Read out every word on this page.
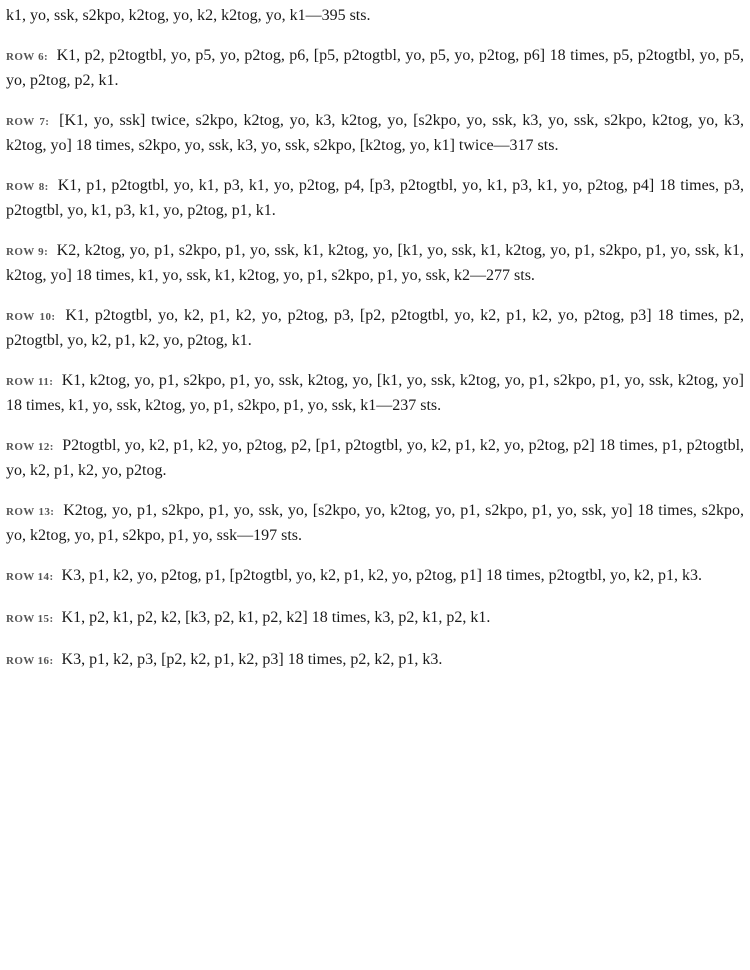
k1, yo, ssk, s2kpo, k2tog, yo, k2, k2tog, yo, k1—395 sts.

ROW 6: K1, p2, p2togtbl, yo, p5, yo, p2tog, p6, [p5, p2togtbl, yo, p5, yo, p2tog, p6] 18 times, p5, p2togtbl, yo, p5, yo, p2tog, p2, k1.

ROW 7: [K1, yo, ssk] twice, s2kpo, k2tog, yo, k3, k2tog, yo, [s2kpo, yo, ssk, k3, yo, ssk, s2kpo, k2tog, yo, k3, k2tog, yo] 18 times, s2kpo, yo, ssk, k3, yo, ssk, s2kpo, [k2tog, yo, k1] twice—317 sts.

ROW 8: K1, p1, p2togtbl, yo, k1, p3, k1, yo, p2tog, p4, [p3, p2togtbl, yo, k1, p3, k1, yo, p2tog, p4] 18 times, p3, p2togtbl, yo, k1, p3, k1, yo, p2tog, p1, k1.

ROW 9: K2, k2tog, yo, p1, s2kpo, p1, yo, ssk, k1, k2tog, yo, [k1, yo, ssk, k1, k2tog, yo, p1, s2kpo, p1, yo, ssk, k1, k2tog, yo] 18 times, k1, yo, ssk, k1, k2tog, yo, p1, s2kpo, p1, yo, ssk, k2—277 sts.

ROW 10: K1, p2togtbl, yo, k2, p1, k2, yo, p2tog, p3, [p2, p2togtbl, yo, k2, p1, k2, yo, p2tog, p3] 18 times, p2, p2togtbl, yo, k2, p1, k2, yo, p2tog, k1.

ROW 11: K1, k2tog, yo, p1, s2kpo, p1, yo, ssk, k2tog, yo, [k1, yo, ssk, k2tog, yo, p1, s2kpo, p1, yo, ssk, k2tog, yo] 18 times, k1, yo, ssk, k2tog, yo, p1, s2kpo, p1, yo, ssk, k1—237 sts.

ROW 12: P2togtbl, yo, k2, p1, k2, yo, p2tog, p2, [p1, p2togtbl, yo, k2, p1, k2, yo, p2tog, p2] 18 times, p1, p2togtbl, yo, k2, p1, k2, yo, p2tog.

ROW 13: K2tog, yo, p1, s2kpo, p1, yo, ssk, yo, [s2kpo, yo, k2tog, yo, p1, s2kpo, p1, yo, ssk, yo] 18 times, s2kpo, yo, k2tog, yo, p1, s2kpo, p1, yo, ssk—197 sts.

ROW 14: K3, p1, k2, yo, p2tog, p1, [p2togtbl, yo, k2, p1, k2, yo, p2tog, p1] 18 times, p2togtbl, yo, k2, p1, k3.

ROW 15: K1, p2, k1, p2, k2, [k3, p2, k1, p2, k2] 18 times, k3, p2, k1, p2, k1.

ROW 16: K3, p1, k2, p3, [p2, k2, p1, k2, p3] 18 times, p2, k2, p1, k3.
